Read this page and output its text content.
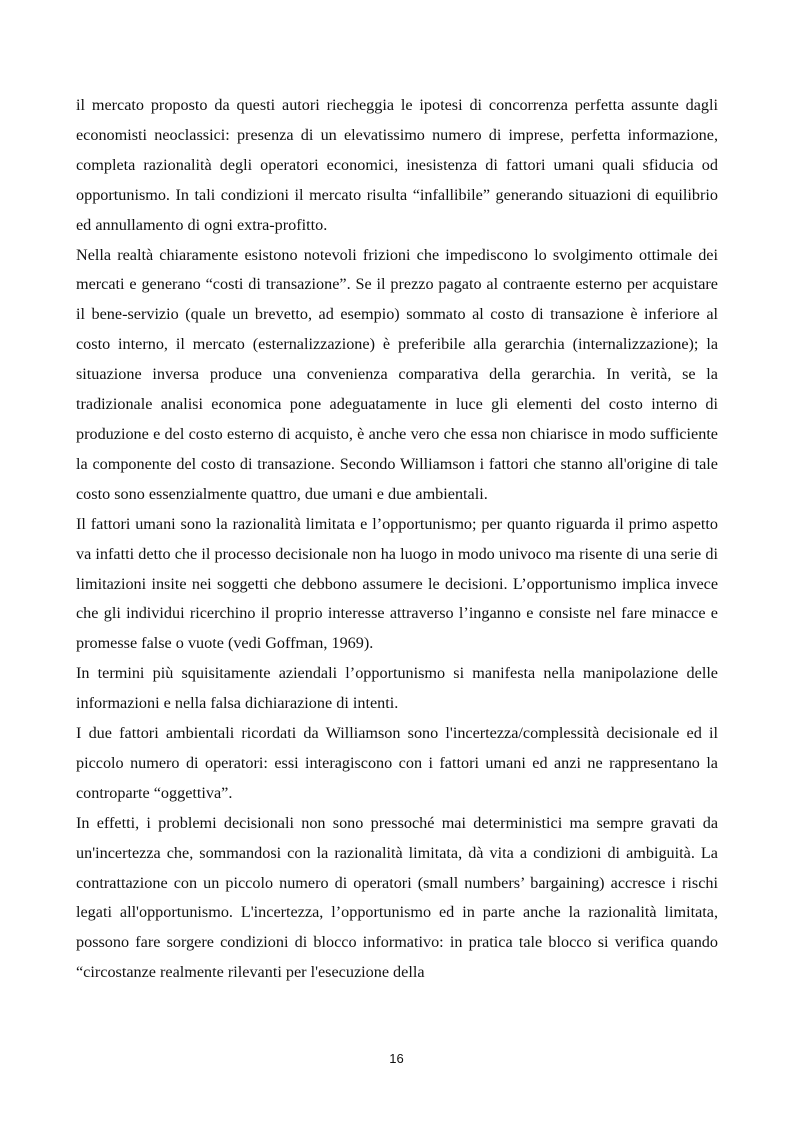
il mercato proposto da questi autori riecheggia le ipotesi di concorrenza perfetta assunte dagli economisti neoclassici: presenza di un elevatissimo numero di imprese, perfetta informazione, completa razionalità degli operatori economici, inesistenza di fattori umani quali sfiducia od opportunismo. In tali condizioni il mercato risulta “infallibile” generando situazioni di equilibrio ed annullamento di ogni extra-profitto.

Nella realtà chiaramente esistono notevoli frizioni che impediscono lo svolgimento ottimale dei mercati e generano “costi di transazione”. Se il prezzo pagato al contraente esterno per acquistare il bene-servizio (quale un brevetto, ad esempio) sommato al costo di transazione è inferiore al costo interno, il mercato (esternalizzazione) è preferibile alla gerarchia (internalizzazione); la situazione inversa produce una convenienza comparativa della gerarchia. In verità, se la tradizionale analisi economica pone adeguatamente in luce gli elementi del costo interno di produzione e del costo esterno di acquisto, è anche vero che essa non chiarisce in modo sufficiente la componente del costo di transazione. Secondo Williamson i fattori che stanno all'origine di tale costo sono essenzialmente quattro, due umani e due ambientali.

Il fattori umani sono la razionalità limitata e l’opportunismo; per quanto riguarda il primo aspetto va infatti detto che il processo decisionale non ha luogo in modo univoco ma risente di una serie di limitazioni insite nei soggetti che debbono assumere le decisioni. L’opportunismo implica invece che gli individui ricerchino il proprio interesse attraverso l’inganno e consiste nel fare minacce e promesse false o vuote (vedi Goffman, 1969).

In termini più squisitamente aziendali l’opportunismo si manifesta nella manipolazione delle informazioni e nella falsa dichiarazione di intenti.

I due fattori ambientali ricordati da Williamson sono l'incertezza/complessità decisionale ed il piccolo numero di operatori: essi interagiscono con i fattori umani ed anzi ne rappresentano la controparte “oggettiva”.

In effetti, i problemi decisionali non sono pressoché mai deterministici ma sempre gravati da un'incertezza che, sommandosi con la razionalità limitata, dà vita a condizioni di ambiguità. La contrattazione con un piccolo numero di operatori (small numbers’ bargaining) accresce i rischi legati all'opportunismo. L'incertezza, l’opportunismo ed in parte anche la razionalità limitata, possono fare sorgere condizioni di blocco informativo: in pratica tale blocco si verifica quando “circostanze realmente rilevanti per l'esecuzione della

16
